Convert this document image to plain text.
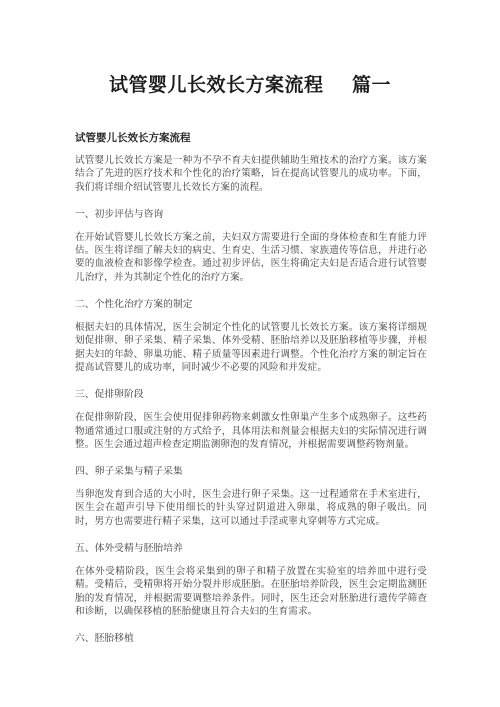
试管婴儿长效长方案流程    篇一
试管婴儿长效长方案流程

试管婴儿长效长方案是一种为不孕不育夫妇提供辅助生殖技术的治疗方案。该方案结合了先进的医疗技术和个性化的治疗策略，旨在提高试管婴儿的成功率。下面，我们将详细介绍试管婴儿长效长方案的流程。

一、初步评估与咨询

在开始试管婴儿长效长方案之前，夫妇双方需要进行全面的身体检查和生育能力评估。医生将详细了解夫妇的病史、生育史、生活习惯、家族遗传等信息，并进行必要的血液检查和影像学检查。通过初步评估，医生将确定夫妇是否适合进行试管婴儿治疗，并为其制定个性化的治疗方案。

二、个性化治疗方案的制定

根据夫妇的具体情况，医生会制定个性化的试管婴儿长效长方案。该方案将详细规划促排卵、卵子采集、精子采集、体外受精、胚胎培养以及胚胎移植等步骤，并根据夫妇的年龄、卵巢功能、精子质量等因素进行调整。个性化治疗方案的制定旨在提高试管婴儿的成功率，同时减少不必要的风险和并发症。

三、促排卵阶段

在促排卵阶段，医生会使用促排卵药物来刺激女性卵巢产生多个成熟卵子。这些药物通常通过口服或注射的方式给予，具体用法和剂量会根据夫妇的实际情况进行调整。医生会通过超声检查定期监测卵泡的发育情况，并根据需要调整药物剂量。

四、卵子采集与精子采集

当卵泡发育到合适的大小时，医生会进行卵子采集。这一过程通常在手术室进行，医生会在超声引导下使用细长的针头穿过阴道进入卵巢，将成熟的卵子吸出。同时，男方也需要进行精子采集，这可以通过手淫或睾丸穿刺等方式完成。

五、体外受精与胚胎培养

在体外受精阶段，医生会将采集到的卵子和精子放置在实验室的培养皿中进行受精。受精后，受精卵将开始分裂并形成胚胎。在胚胎培养阶段，医生会定期监测胚胎的发育情况，并根据需要调整培养条件。同时，医生还会对胚胎进行遗传学筛查和诊断，以确保移植的胚胎健康且符合夫妇的生育需求。

六、胚胎移植
